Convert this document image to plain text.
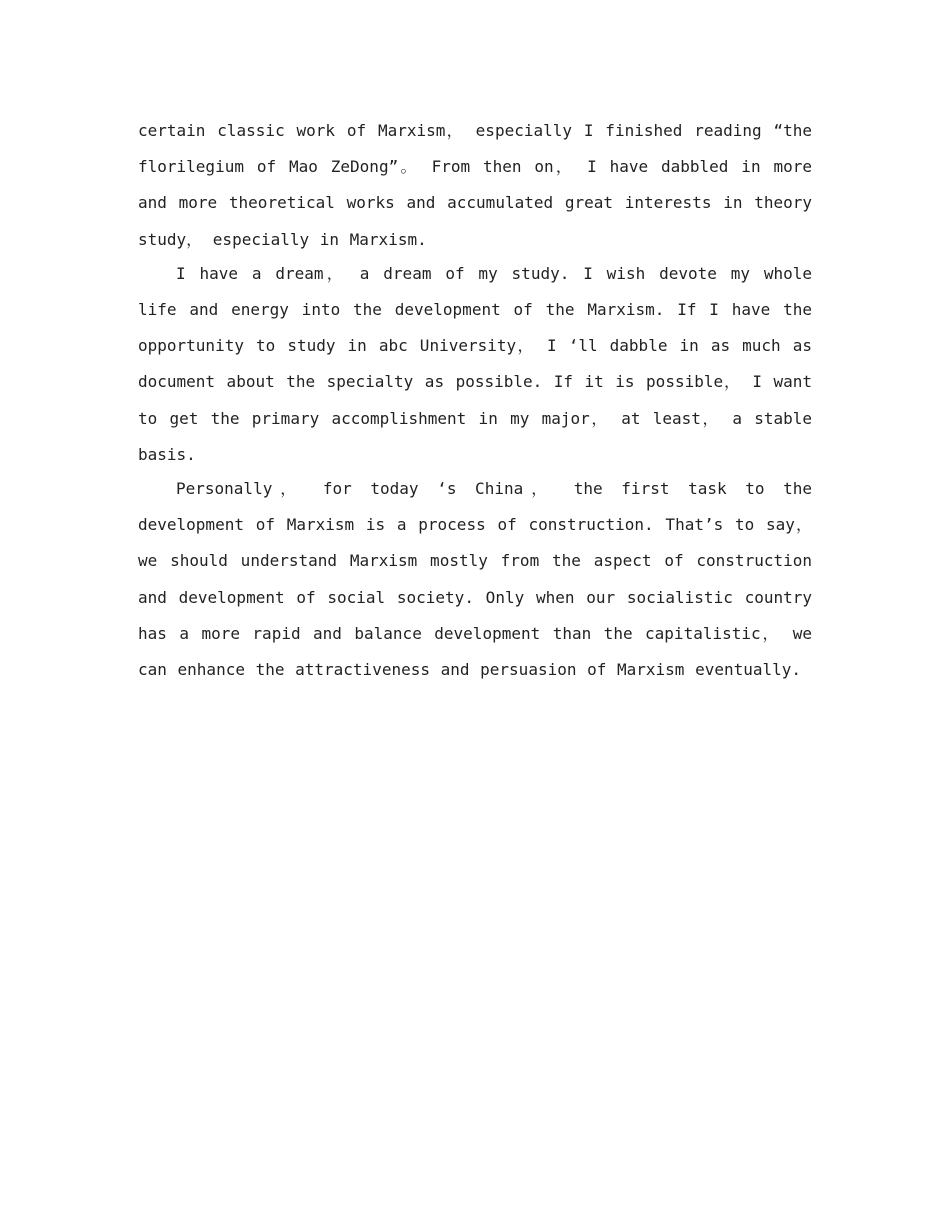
certain classic work of Marxism， especially I finished reading “the florilegium of Mao ZeDong”。 From then on， I have dabbled in more and more theoretical works and accumulated great interests in theory study， especially in Marxism.

I have a dream， a dream of my study. I wish devote my whole life and energy into the development of the Marxism. If I have the opportunity to study in abc University， I ‘ll dabble in as much as document about the specialty as possible. If it is possible， I want to get the primary accomplishment in my major， at least， a stable basis.

Personally， for today ‘s China， the first task to the development of Marxism is a process of construction. That’s to say， we should understand Marxism mostly from the aspect of construction and development of social society. Only when our socialistic country has a more rapid and balance development than the capitalistic， we can enhance the attractiveness and persuasion of Marxism eventually.
